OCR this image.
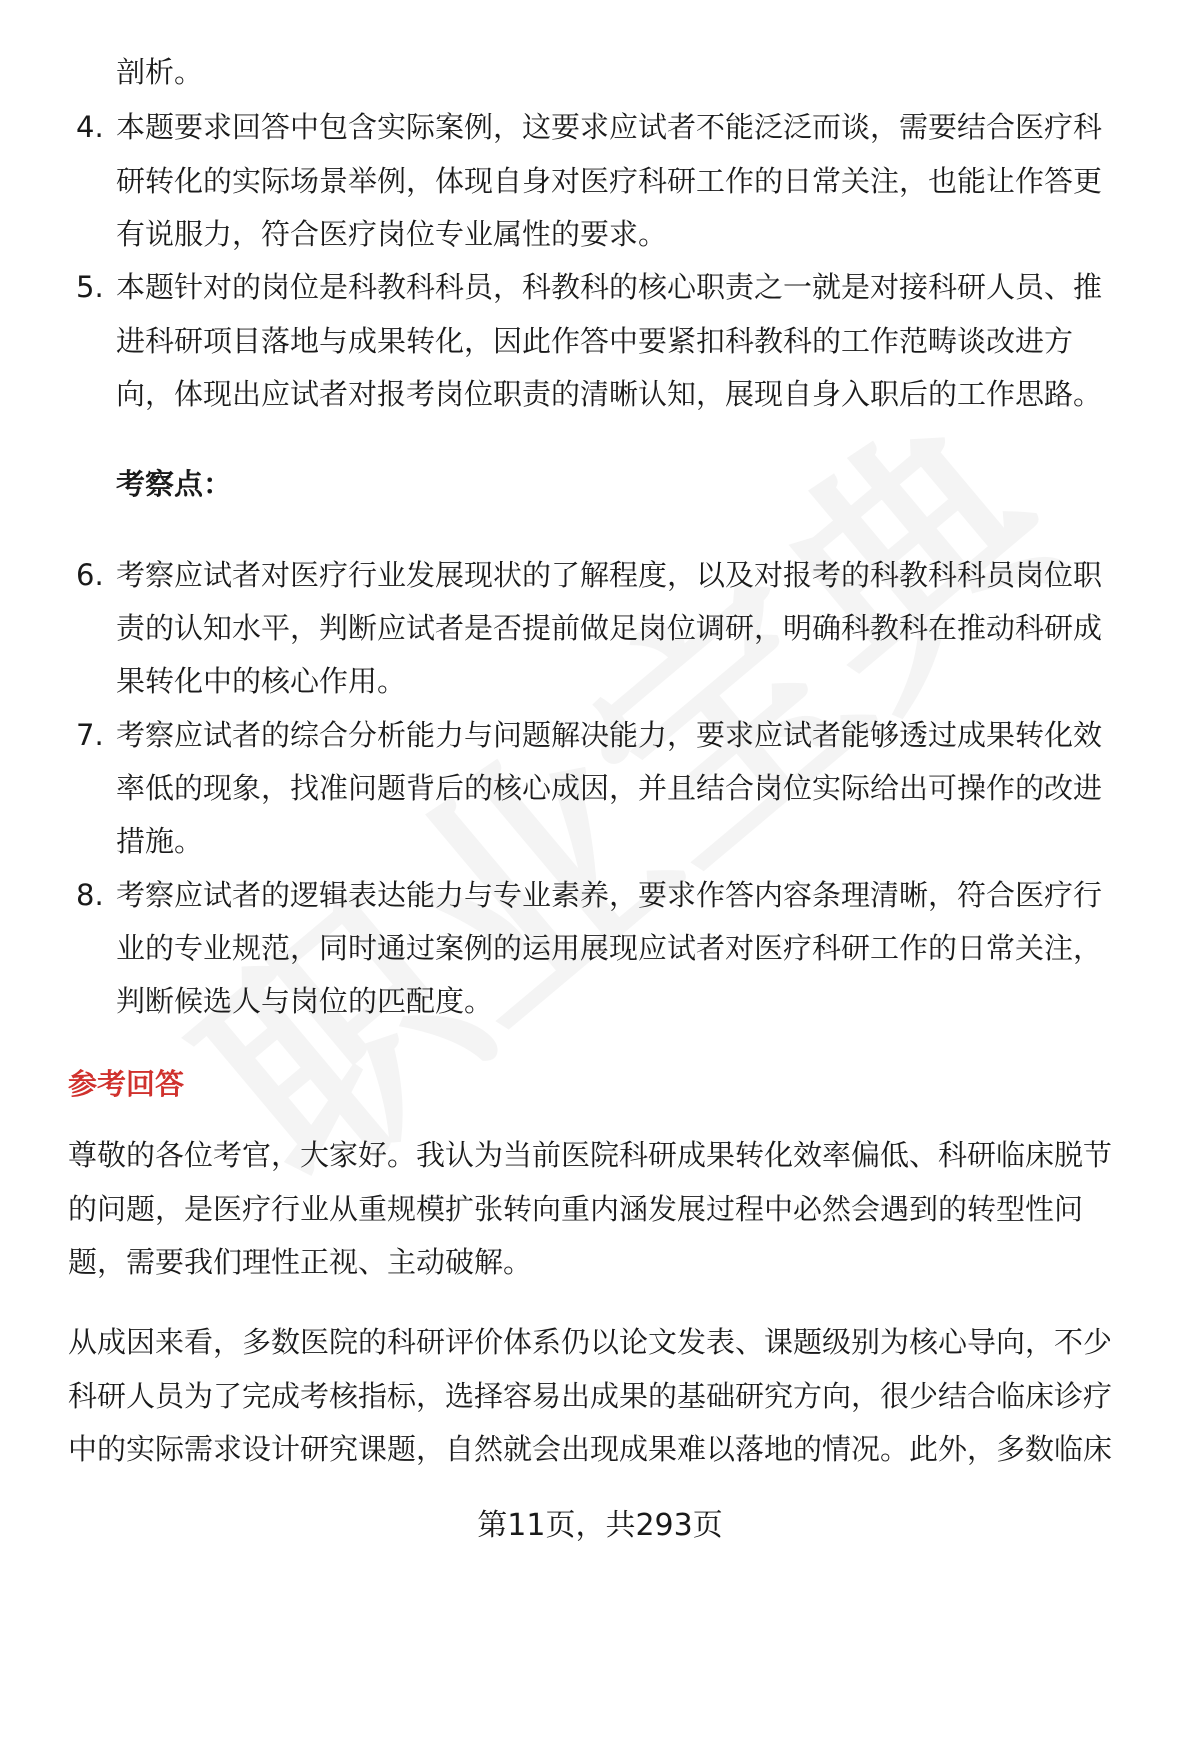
剖析。
4. 本题要求回答中包含实际案例，这要求应试者不能泛泛而谈，需要结合医疗科
研转化的实际场景举例，体现自身对医疗科研工作的日常关注，也能让作答更
有说服力，符合医疗岗位专业属性的要求。
5. 本题针对的岗位是科教科科员，科教科的核心职责之一就是对接科研人员、推
进科研项目落地与成果转化，因此作答中要紧扣科教科的工作范畴谈改进方
向，体现出应试者对报考岗位职责的清晰认知，展现自身入职后的工作思路。
考察点：
6. 考察应试者对医疗行业发展现状的了解程度，以及对报考的科教科科员岗位职
责的认知水平，判断应试者是否提前做足岗位调研，明确科教科在推动科研成
果转化中的核心作用。
7. 考察应试者的综合分析能力与问题解决能力，要求应试者能够透过成果转化效
率低的现象，找准问题背后的核心成因，并且结合岗位实际给出可操作的改进
措施。
8. 考察应试者的逻辑表达能力与专业素养，要求作答内容条理清晰，符合医疗行
业的专业规范，同时通过案例的运用展现应试者对医疗科研工作的日常关注，
判断候选人与岗位的匹配度。
参考回答
尊敬的各位考官，大家好。我认为当前医院科研成果转化效率偏低、科研临床脱节
的问题，是医疗行业从重规模扩张转向重内涵发展过程中必然会遇到的转型性问
题，需要我们理性正视、主动破解。
从成因来看，多数医院的科研评价体系仍以论文发表、课题级别为核心导向，不少
科研人员为了完成考核指标，选择容易出成果的基础研究方向，很少结合临床诊疗
中的实际需求设计研究课题，自然就会出现成果难以落地的情况。此外，多数临床
第11页，共293页
